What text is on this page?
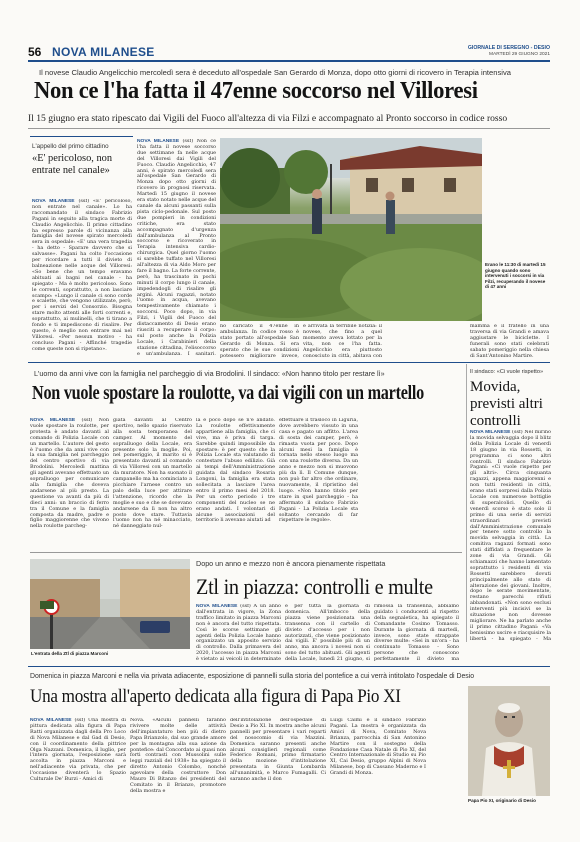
56 NOVA MILANESE	GIORNALE DI SEREGNO - DESIO
MARTEDÌ 29 GIUGNO 2021
Il novese Claudio Angelicchio mercoledì sera è deceduto all'ospedale San Gerardo di Monza, dopo otto giorni di ricovero in Terapia intensiva
Non ce l'ha fatta il 47enne soccorso nel Villoresi
Il 15 giugno era stato ripescato dai Vigili del Fuoco all'altezza di via Filzi e accompagnato al Pronto soccorso in codice rosso
L'appello del primo cittadino
«E' pericoloso, non entrate nel canale»
NOVA MILANESE (ssf) «E' pericoloso, non entrate nel canale». Lo ha raccomandato il sindaco Fabrizio Pagani in seguito alla tragica morte di Claudio Angelicchio. Il primo cittadino ha espresso parole di vicinanza alla famiglia del novese spirato mercoledì sera in ospedale: «E' una vera tragedia - ha detto - Sparare davvero che si salvasse». Pagani ha colto l'occasione per ricordare a tutti il divieto di balneazione nelle acque del Villoresi: «So bene che un tempo eravamo abituati ai bagni nel canale - ha spiegato - Ma è molto pericoloso. Sono le correnti, soprattutto, a non lasciare scampo: «Lungo il canale ci sono corde e scalette, che vengono utilizzate, però, per i servizi del Consorzio. Bisogna stare molto attenti alle forti correnti e, soprattutto, ai mulinelli, che ti tirano a fondo e ti impediscono di risalire. Per questo, è meglio non entrare mai nel Villoresi. «Per nessun motivo - ha concluso Pagani - Affinché tragedie come queste non si ripetano».
NOVA MILANESE (ssf) Non ce l'ha fatta il novese soccorso due settimane fa nelle acque del Villoresi dai Vigili del Fuoco. Claudio Angelicchio, 47 anni, è spirato mercoledì sera all'ospedale San Gerardo di Monza dopo otto giorni di ricovero in prognosi riservata. Martedì 15 giugno il novese era stato notato nelle acque del canale da alcuni passanti sulla pista ciclo-pedonale. Sul posto due pompieri in condizioni critiche, era stato accompagnato d'urgenza dall'ambulanza al Pronto soccorso e ricoverato in Terapia intensiva cardio-chirurgica. Quel giorno l'uomo si sarebbe tuffato nel Villoresi all'altezza di via Aldo Moro per fare il bagno. La forte corrente, però, ha trascinato in pochi minuti il corpo lungo il canale, impedendogli di risalire gli argini. Alcuni ragazzi, notato l'uomo in acqua, avevano tempestivamente chiamato i soccorsi. Poco dopo, in via Filzi, i Vigili del Fuoco del distaccamento di Desio erano riusciti a recuperare il corpo: sul posto anche la Polizia Locale, i Carabinieri della stazione cittadina, l'elisoccorso e un'ambulanza. I sanitari,
Erano le 11:30 di martedì 15 giugno quando sono intervenuti i soccorsi in via Filzi, recuperando il novese di 47 anni
no caricato il 47enne in ambulanza. In codice rosso è stato portato all'ospedale San Gerardo di Monza. Si era sperato che le sue condizioni potessero migliorare invece,
è arrivata la terribile notizia: il novese, che fino a quel momento aveva lottato per la vita, non ce l'ha fatta. Angelicchio era piuttosto conosciuto in città, abitava con
mamma e il fratello in una traversa di via Grandi e amava aggiustare le biciclette. I funerali sono stati celebrati sabato pomeriggio nella chiesa di Sant'Antonino Martire.
L'uomo da anni vive con la famiglia nel parcheggio di via Brodolini. Il sindaco: «Non hanno titolo per restare lì»
Non vuole spostare la roulotte, va dai vigili con un martello
NOVA MILANESE (ssf) Non vuole spostare la roulotte, per protesta è andato davanti al comando di Polizia Locale con un martello. L'autore del gesto è l'uomo che da anni vive con la sua famiglia nel parcheggio del centro sportivo di via Brodolini. Mercoledì mattina gli agenti avevano effettuato un sopralluogo per comunicare alla famiglia che doveva andarsene al più presto. La questione va avanti da più di dieci anni: un braccio di ferro tra il Comune e la famiglia composta da madre, padre e figlio maggiorenne che vivono nella roulotte parcheg-
giata davanti al Centro sportivo, nello spazio riservato alla sosta temporanea del camper. Al momento del sopralluogo della Locale, era presente solo la moglie. Poi, nel pomeriggio, il marito si è presentato davanti al comando di via Villoresi con un martello da muratore. Non ha suonato il campanello ma ha cominciato a picchiare l'arnese contro un palo della luce per attirare l'attenzione, ricordo che la moglie e suo e che se dovevano andarsene da lì non ha altro posto dove stare. Tuttavia l'uomo non ha né minacciato, né danneggiato nul-
la e poco dopo se n'è andato. La roulotte effettivamente appartiene alla famiglia, che ci vive, ma è priva di targa. Sarebbe quindi impossibile da spostare: è per questo che la Polizia Locale sta valutando di contestare l'abuso edilizio. Già ai tempi dell'Amministrazione guidata dal sindaco Rosaria Longoni, la famiglia era stata sollecitata a lasciare l'area entro il primo mesi del 2018. Per un certo periodo i tre componenti del nucleo se ne erano andati. I volontari di alcune associazioni del territorio li avevano aiutati ad
effettuare il trasloco in Liguria, dove avrebbero vissuto in una casa e pagato un affitto. L'area di sosta dei camper, però, è rimasta vuota per poco. Dopo alcuni mesi la famiglia è tornata nello stesso luogo ma con una roulotte diversa. Da un anno e mezzo non si muovono più da lì. Il Comune dunque, non può far altro che ordinare, nuovamente, il ripristino del luogo. «Non hanno titolo per stare in quel parcheggio - ha affermato il sindaco Fabrizio Pagani - La Polizia Locale sta soltanto cercando di far rispettare le regole».
Il sindaco: «Ci vuole rispetto»
Movida, previsti altri controlli
NOVA MILANESE (ssf) Nel mirino la movida selvaggia dopo il blitz della Polizia Locale di venerdì 18 giugno in via Rossetti, in programma ci sono altri controlli. Il sindaco Fabrizio Pagani: «Ci vuole rispetto per gli altri». Circa cinquanta ragazzi, appena maggiorenni e non tutti residenti in città, erano stati sorpresi dalla Polizia Locale con numerose bottiglie di superalcolici. Quello di venerdì scorso è stato solo il primo di una serie di servizi straordinari previsti dall'Amministrazione comunale per tenere sotto controllo la movida selvaggia in città. La comitiva ragazzi formati sono stati diffidati a frequentare le zone di via Grandi. Gli schiamazzi che hanno lamentato soprattutto i residenti di via Rossetti sarebbero dovuti principalmente allo stato di alterazione dei giovani. Inoltre, dopo le serate movimentate, restano parecchi rifiuti abbandonati. «Non sono esclusi interventi più incisivi se la situazione non dovesse migliorare. Ne ha parlato anche il primo cittadino Pagani: «Va benissimo uscire e riacquisire la libertà - ha spiegato - Ma
Dopo un anno e mezzo non è ancora pienamente rispettata
Ztl in piazza: controlli e multe
L'entrata della Ztl di piazza Marconi
NOVA MILANESE (ssf) A un anno dall'entrata in vigore, la Zona traffico limitato in piazza Marconi non è ancora del tutto rispettata. Così le scorse settimane gli agenti della Polizia Locale hanno organizzato un apposito servizio di controllo. Dalla primavera del 2020, l'accesso in piazza Marconi è vietato ai veicoli in determinate
e per tutta la giornata di domenica. All'imbocco della piazza viene posizionata una transenna con il cartello di divieto d'accesso per i non autorizzati, che viene posizionato dai vigili. E' possibile più di un anno, ma ancora i novesi non si sono del tutto abituati. Gli agenti della Locale, lunedì 21 giugno, si
rimossa la transenna, abbiamo guidato i conducenti al rispetto della segnaletica, ha spiegato il Comandante Cosimo Tomasso. Durante la giornata di martedì, invece, sono state strappate diverse multe: «Sei in un'ora - ha continuato Tomasso - Sono persone che conoscono perfettamente il divieto ma
Domenica in piazza Marconi e nella via privata adiacente, esposizione di pannelli sulla storia del pontefice a cui verrà intitolato l'ospedale di Desio
Una mostra all'aperto dedicata alla figura di Papa Pio XI
NOVA MILANESE (ssf) Una mostra di pittura dedicata alla figura di Papa Ratti organizzata dagli della Pro Loco di Nova Milanese e dal Gad di Desio, con il coordinamento della pittrice Olga Nazzani. Domenica, il luglio, per l'intera giornata, l'esposizione sarà accolta in piazza Marconi e nell'adiacente via privata, che per l'occasione diventerà lo Spazio Culturale De' Burzi - Amici di
Nova. «Alcuni pannelli faranno rivivere molte delle attività dell'impiantaturo ben più di dietro Papa Brianzolo, dal suo grande amore per la montagna alla sua azione da pontefice: dal Concordato ai quasi non forti contrasti con Mussolini sulle leggi razziali del 1938» ha spiegato il diretto Antonio Colombo, nonché agevolare della costruttore Don Mauro Di Bitanzo dei presidenti del Comitato in il Brianzo, promotore della mostra e
dell'intitolazione dell'ospedale di Desio a Pio XI. In mostra anche alcuni pannelli per presentare i vari reparti del nosocomio di via Mazzini. Domenica saranno presenti anche alcuni consiglieri regionali come Federico Romani, primo firmatario della mozione d'intitolazione presentata in Giunta Lombarda all'unanimità, e Marco Fumagalli. Ci saranno anche il don
Luigi Caimi e il sindaco Fabrizio Pagani. La mostra è organizzata da Amici di Nova, Comitato Nova Brianza, parrocchia di San Antonino Martire con il sostegno della Fondazione Casa Natale di Pio XI, del Centro Internazionale di Studio su Pio XI, Cai Desio, gruppo Alpini di Nova Milanese, bop di Cassano Maderno e I Grandi di Monza.
Papa Pio XI, originario di Desio
